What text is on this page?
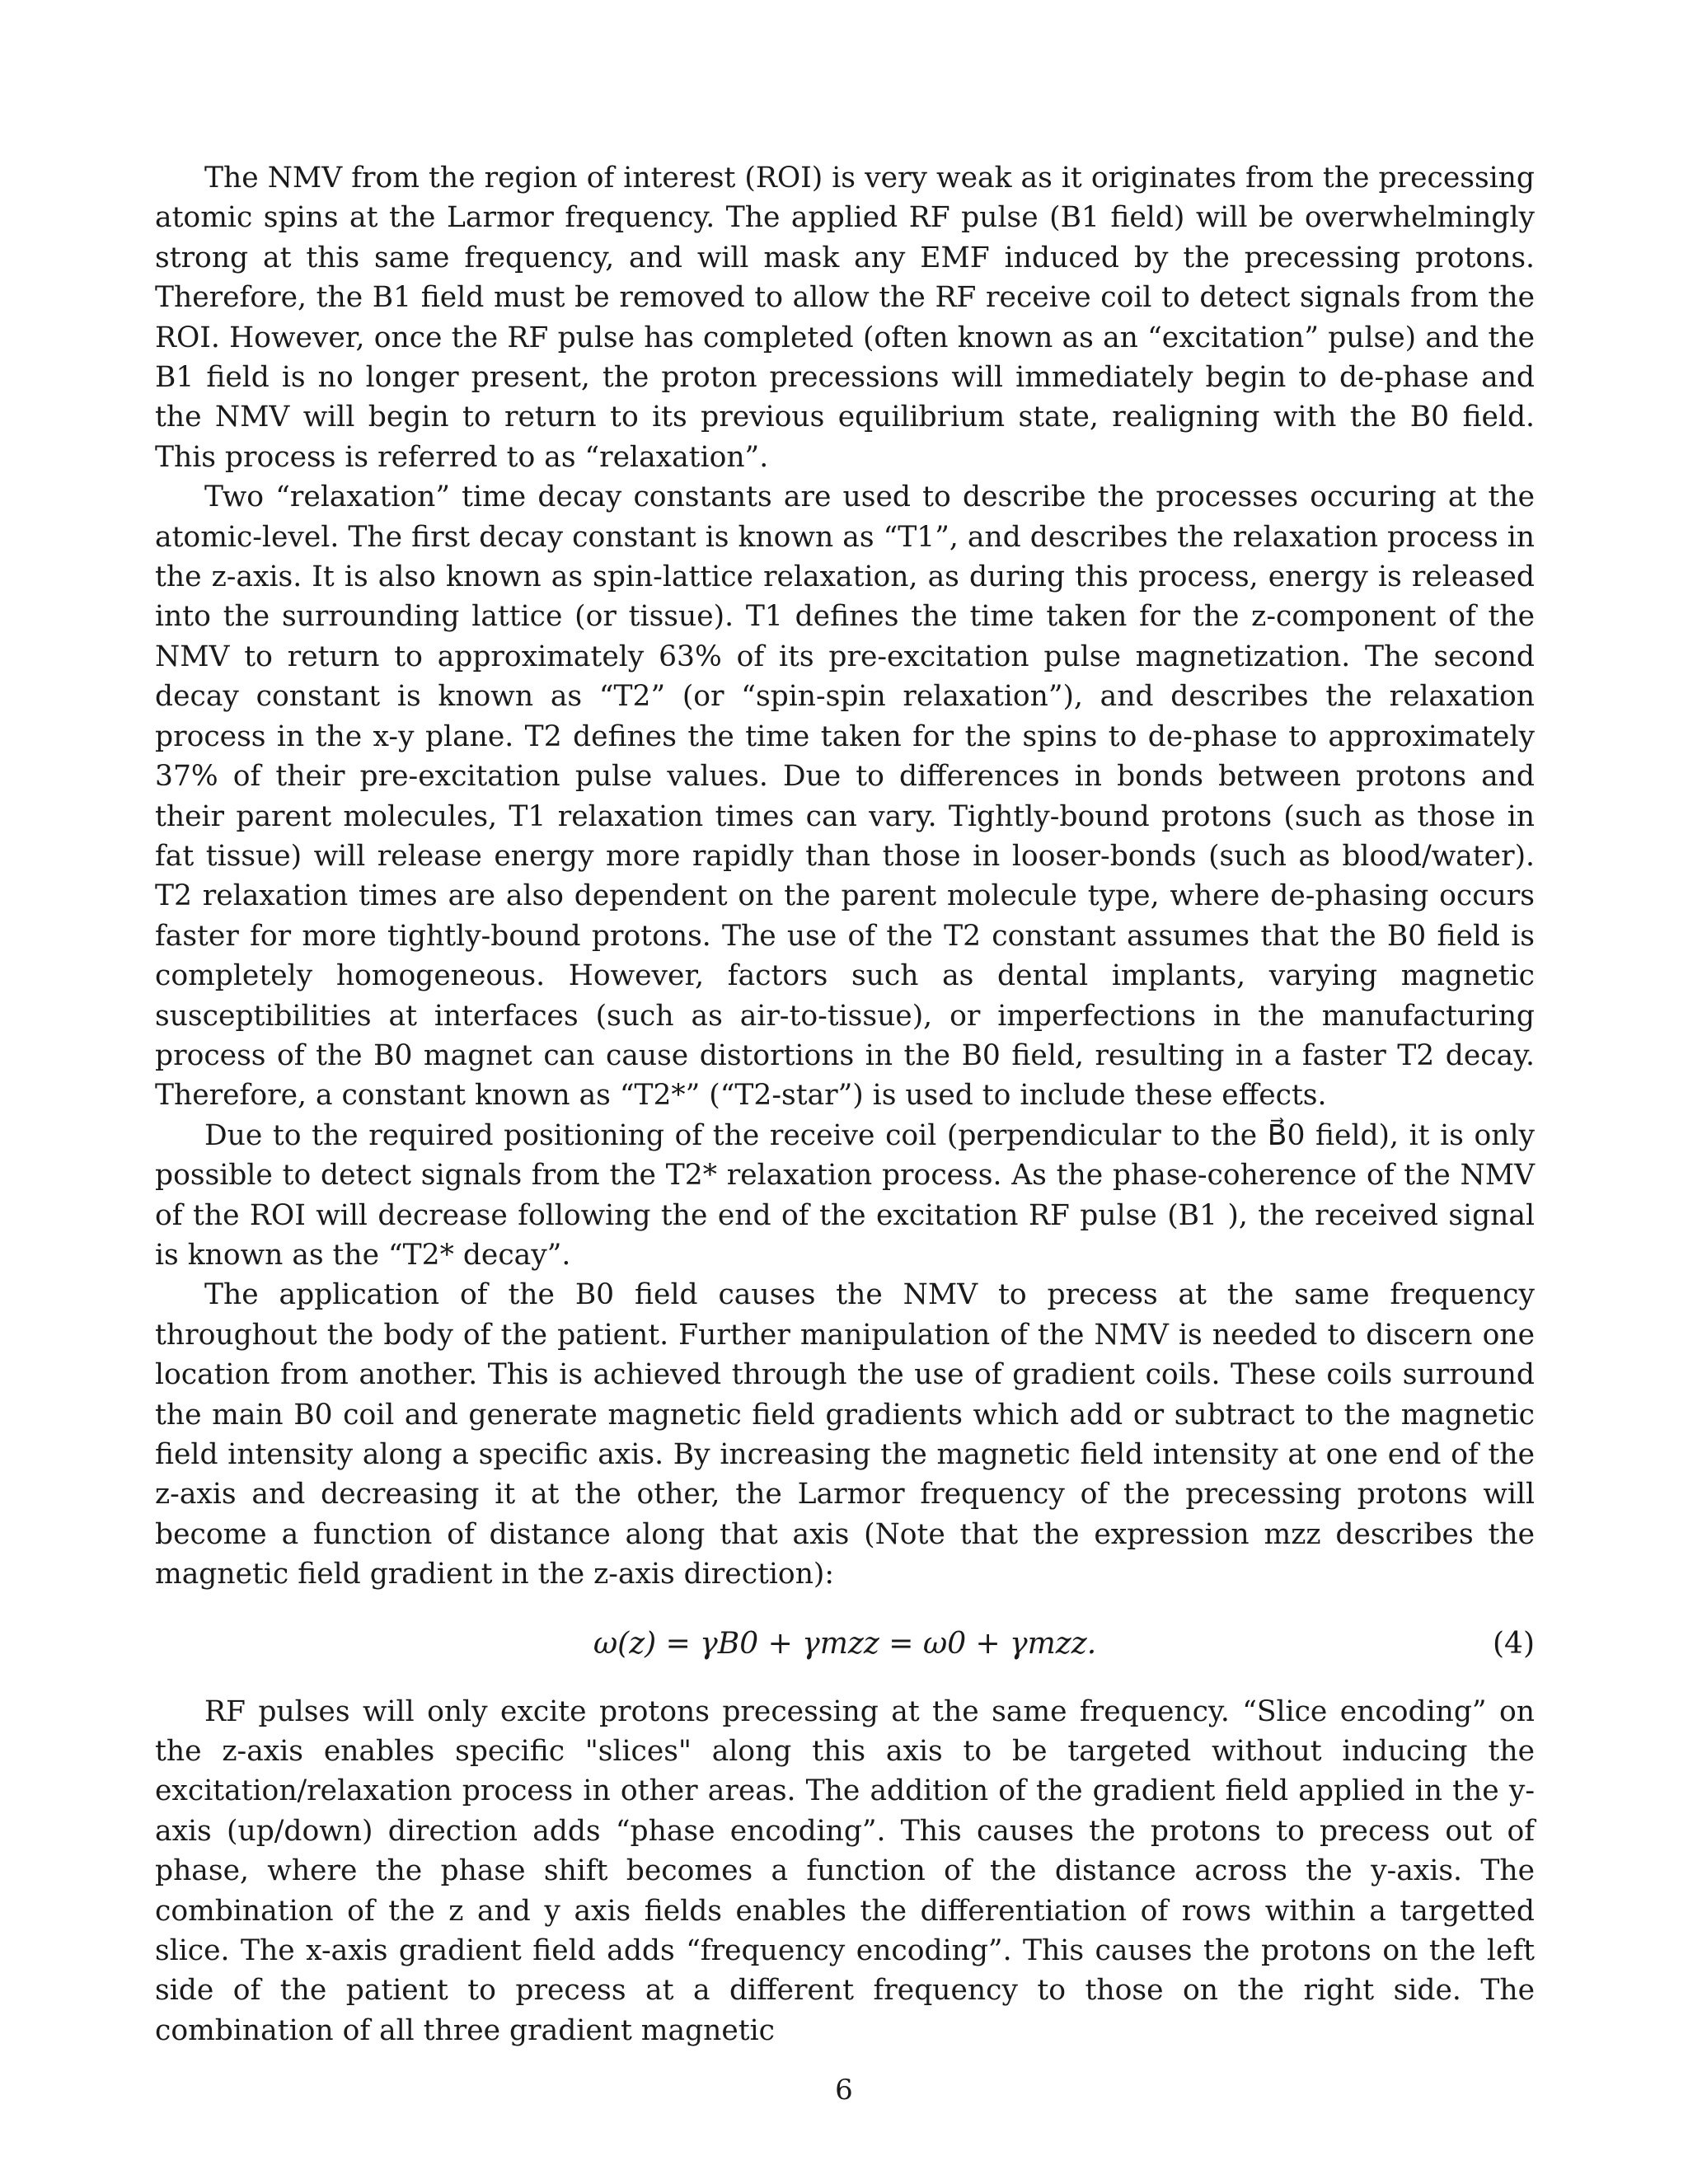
The NMV from the region of interest (ROI) is very weak as it originates from the precessing atomic spins at the Larmor frequency. The applied RF pulse (B1 field) will be overwhelmingly strong at this same frequency, and will mask any EMF induced by the precessing protons. Therefore, the B1 field must be removed to allow the RF receive coil to detect signals from the ROI. However, once the RF pulse has completed (often known as an “excitation” pulse) and the B1 field is no longer present, the proton precessions will immediately begin to de-phase and the NMV will begin to return to its previous equilibrium state, realigning with the B0 field. This process is referred to as “relaxation”.

Two “relaxation” time decay constants are used to describe the processes occuring at the atomic-level. The first decay constant is known as “T1”, and describes the relaxation process in the z-axis. It is also known as spin-lattice relaxation, as during this process, energy is released into the surrounding lattice (or tissue). T1 defines the time taken for the z-component of the NMV to return to approximately 63% of its pre-excitation pulse magnetization. The second decay constant is known as “T2” (or “spin-spin relaxation”), and describes the relaxation process in the x-y plane. T2 defines the time taken for the spins to de-phase to approximately 37% of their pre-excitation pulse values. Due to differences in bonds between protons and their parent molecules, T1 relaxation times can vary. Tightly-bound protons (such as those in fat tissue) will release energy more rapidly than those in looser-bonds (such as blood/water). T2 relaxation times are also dependent on the parent molecule type, where de-phasing occurs faster for more tightly-bound protons. The use of the T2 constant assumes that the B0 field is completely homogeneous. However, factors such as dental implants, varying magnetic susceptibilities at interfaces (such as air-to-tissue), or imperfections in the manufacturing process of the B0 magnet can cause distortions in the B0 field, resulting in a faster T2 decay. Therefore, a constant known as “T2*” (“T2-star”) is used to include these effects.

Due to the required positioning of the receive coil (perpendicular to the B⃗0 field), it is only possible to detect signals from the T2* relaxation process. As the phase-coherence of the NMV of the ROI will decrease following the end of the excitation RF pulse (B1 ), the received signal is known as the “T2* decay”.

The application of the B0 field causes the NMV to precess at the same frequency throughout the body of the patient. Further manipulation of the NMV is needed to discern one location from another. This is achieved through the use of gradient coils. These coils surround the main B0 coil and generate magnetic field gradients which add or subtract to the magnetic field intensity along a specific axis. By increasing the magnetic field intensity at one end of the z-axis and decreasing it at the other, the Larmor frequency of the precessing protons will become a function of distance along that axis (Note that the expression mzz describes the magnetic field gradient in the z-axis direction):

ω(z) = γB0 + γmzz = ω0 + γmzz.	(4)

RF pulses will only excite protons precessing at the same frequency. “Slice encoding” on the z-axis enables specific "slices" along this axis to be targeted without inducing the excitation/relaxation process in other areas. The addition of the gradient field applied in the y-axis (up/down) direction adds “phase encoding”. This causes the protons to precess out of phase, where the phase shift becomes a function of the distance across the y-axis. The combination of the z and y axis fields enables the differentiation of rows within a targetted slice. The x-axis gradient field adds “frequency encoding”. This causes the protons on the left side of the patient to precess at a different frequency to those on the right side. The combination of all three gradient magnetic

6
